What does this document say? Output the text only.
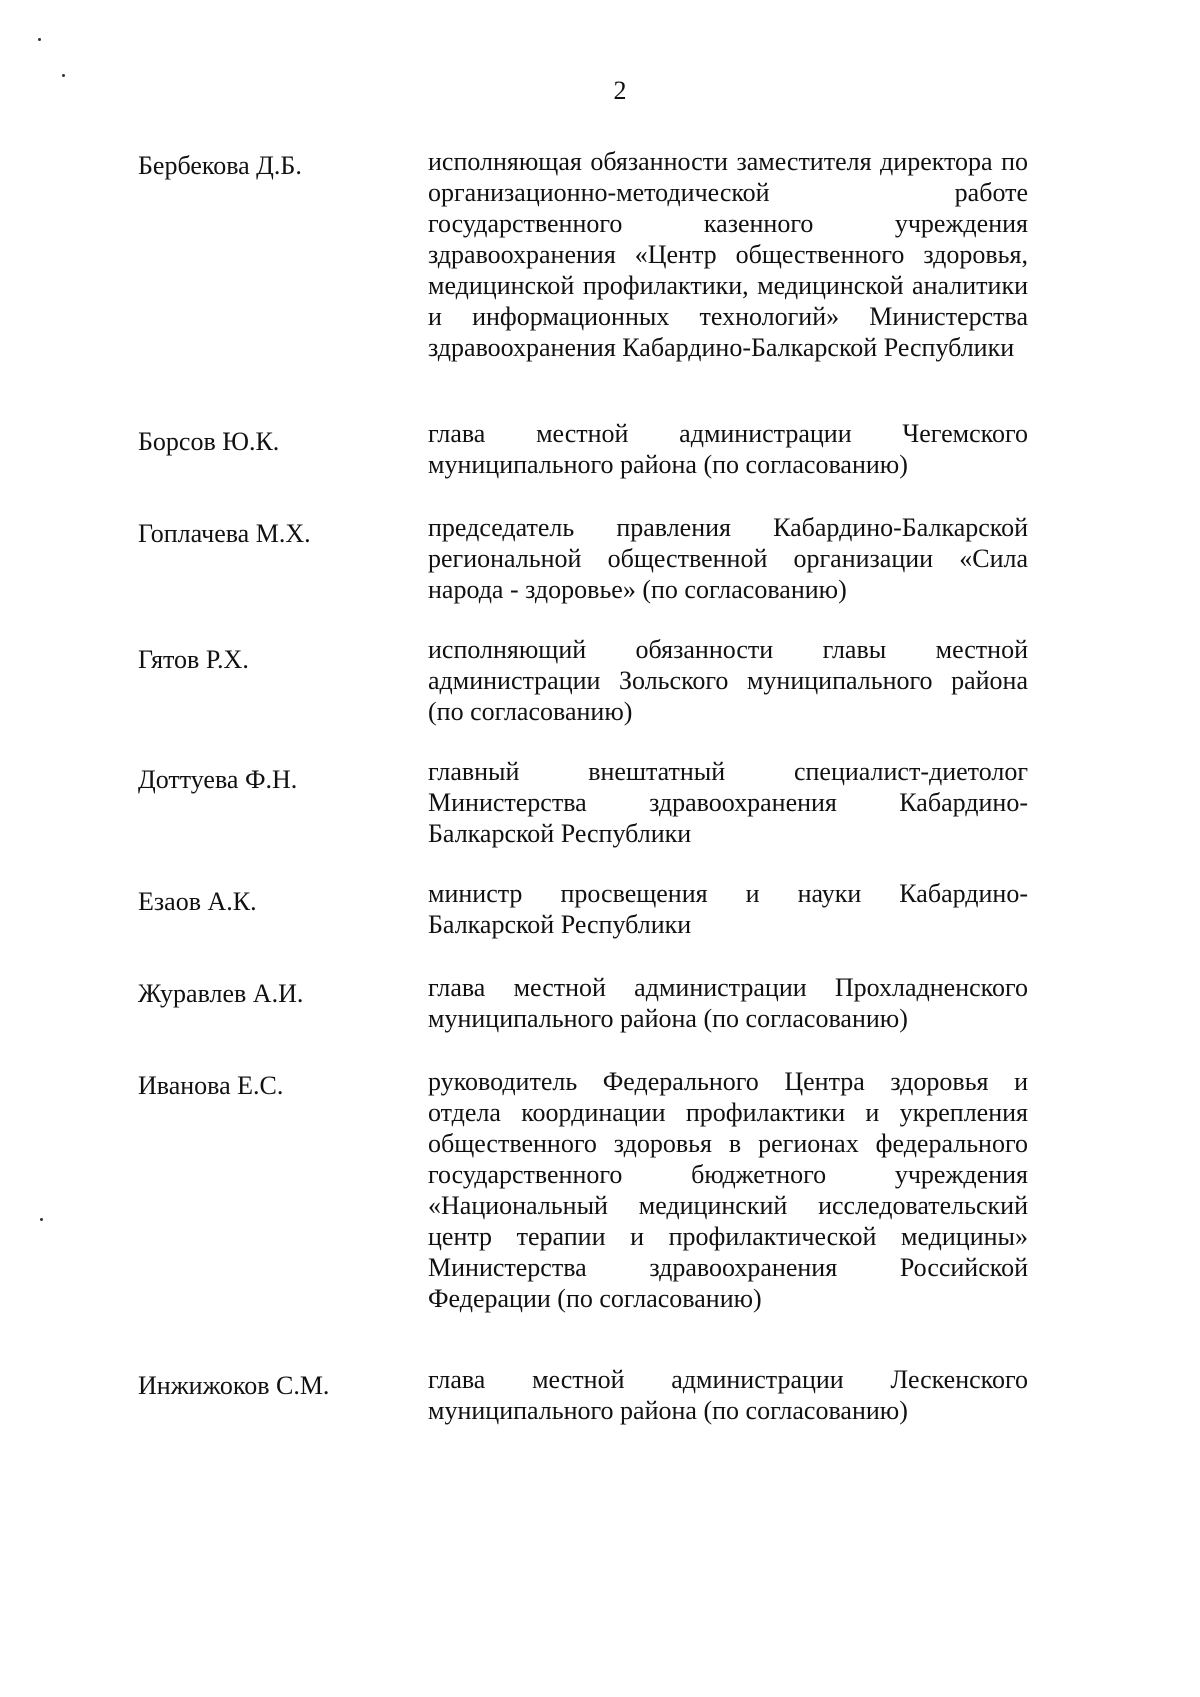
2
Бербекова Д.Б.	исполняющая обязанности заместителя директора по организационно-методической работе государственного казенного учреждения здравоохранения «Центр общественного здоровья, медицинской профилактики, медицинской аналитики и информационных технологий» Министерства здравоохранения Кабардино-Балкарской Республики
Борсов Ю.К.	глава местной администрации Чегемского муниципального района (по согласованию)
Гоплачева М.Х.	председатель правления Кабардино-Балкарской региональной общественной организации «Сила народа - здоровье» (по согласованию)
Гятов Р.Х.	исполняющий обязанности главы местной администрации Зольского муниципального района (по согласованию)
Доттуева Ф.Н.	главный внештатный специалист-диетолог Министерства здравоохранения Кабардино-Балкарской Республики
Езаов А.К.	министр просвещения и науки Кабардино-Балкарской Республики
Журавлев А.И.	глава местной администрации Прохладненского муниципального района (по согласованию)
Иванова Е.С.	руководитель Федерального Центра здоровья и отдела координации профилактики и укрепления общественного здоровья в регионах федерального государственного бюджетного учреждения «Национальный медицинский исследовательский центр терапии и профилактической медицины» Министерства здравоохранения Российской Федерации (по согласованию)
Инжижоков С.М.	глава местной администрации Лескенского муниципального района (по согласованию)
